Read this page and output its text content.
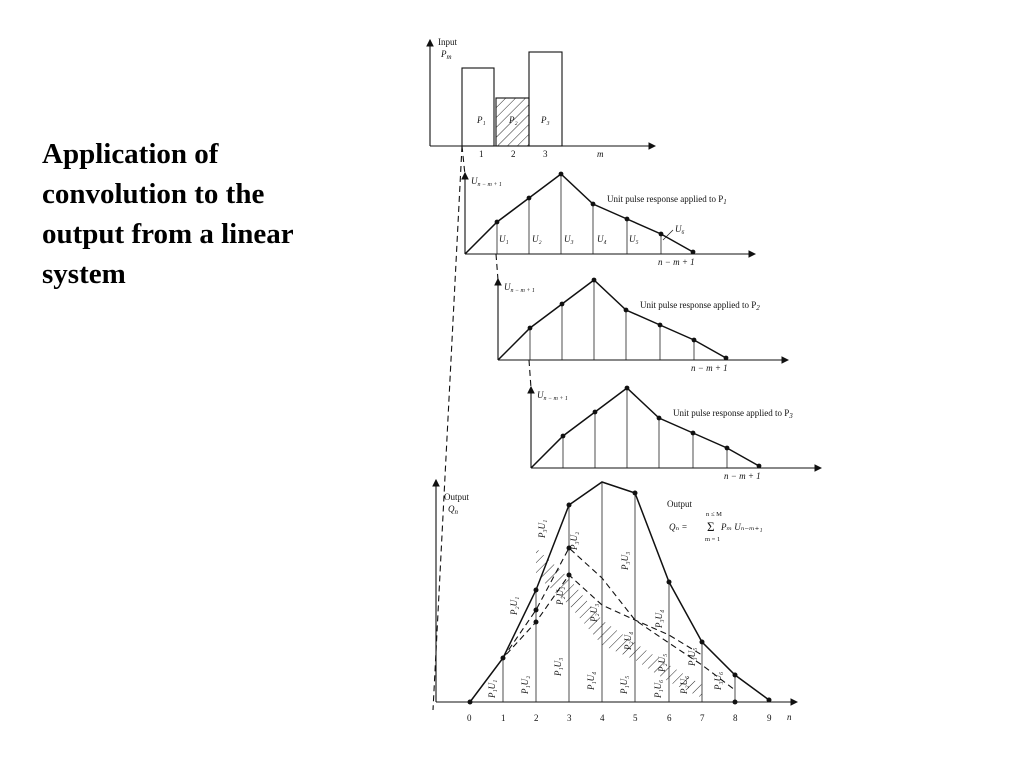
Application of
convolution to the
output from a linear
system
Input
$P_m$
P₁	P₂	P₃
1	2	3	m
$U_{n - m + 1}$
U₁	U₂ U₃	U₄ U₅
U₆
Unit pulse response applied to $P_1$
n − m + 1
$U_{n - m + 1}$
Unit pulse response applied to $P_2$
n − m + 1
$U_{n - m + 1}$
Unit pulse response applied to $P_3$
n − m + 1
Output
$Q_n$
P₁U₁	P₁U₂
P₁U₃
P₁U₄	P₁U₅	P₁U₆
P₂U₁
P₂U₂
P₂U₃
P₂U₄
P₂U₅
P₂U₆
P₃U₁
P₃U₂
P₃U₃
P₃U₄
P₃U₅
P₃U₆
Output
n ≤ M
Qₙ = Σ
m = 1
Pₘ Uₙ₋ₘ₊₁
0	1	2	3	4	5	6	7	8	9 n
